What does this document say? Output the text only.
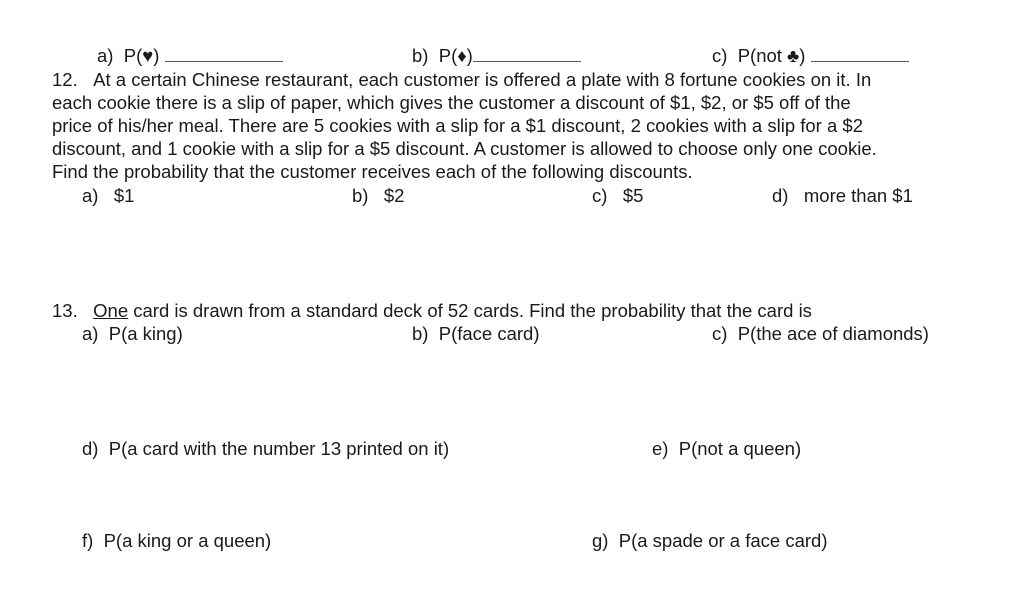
a) P(♥)	b) P(♦)	c) P(not ♣)
12. At a certain Chinese restaurant, each customer is offered a plate with 8 fortune cookies on it. In
each cookie there is a slip of paper, which gives the customer a discount of $1, $2, or $5 off of the
price of his/her meal. There are 5 cookies with a slip for a $1 discount, 2 cookies with a slip for a $2
discount, and 1 cookie with a slip for a $5 discount. A customer is allowed to choose only one cookie.
Find the probability that the customer receives each of the following discounts.
a) $1	b) $2	c) $5	d) more than $1
13. One card is drawn from a standard deck of 52 cards. Find the probability that the card is
a) P(a king)	b) P(face card)	c) P(the ace of diamonds)
d) P(a card with the number 13 printed on it)	e) P(not a queen)
f) P(a king or a queen)	g) P(a spade or a face card)
